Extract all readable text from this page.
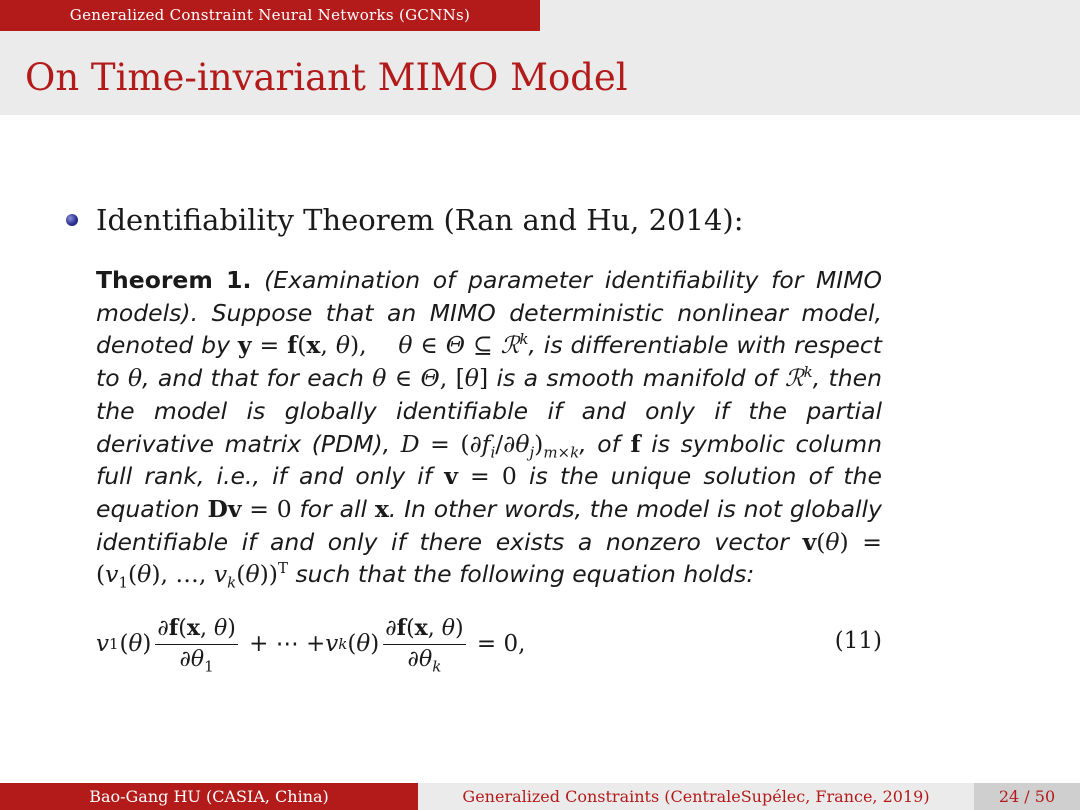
Generalized Constraint Neural Networks (GCNNs)
On Time-invariant MIMO Model
Identifiability Theorem (Ran and Hu, 2014):
Theorem 1. (Examination of parameter identifiability for MIMO models). Suppose that an MIMO deterministic nonlinear model, denoted by y = f(x, θ),    θ ∈ Θ ⊆ ℛ$^k$, is differentiable with respect to θ, and that for each θ ∈ Θ, [θ] is a smooth manifold of ℛ$^k$, then the model is globally identifiable if and only if the partial derivative matrix (PDM), $D = (\partial f_i/\partial\theta_j)_{m\times k}$, of f is symbolic column full rank, i.e., if and only if v = 0 is the unique solution of the equation Dv = 0 for all x. In other words, the model is not globally identifiable if and only if there exists a nonzero vector $v(\theta) = (v_1(\theta)$, …, $v_k(\theta))^T$ such that the following equation holds:
v 1 ( θ ) $\frac{\partial f(x, \theta)}{\partial\theta_1}$ + ⋯ + v k ( θ ) $\frac{\partial f(x, \theta)}{\partial\theta_k} = 0$,	(11)
Bao-Gang HU (CASIA, China)	Generalized Constraints (CentraleSupélec, France, 2019)	24 / 50
